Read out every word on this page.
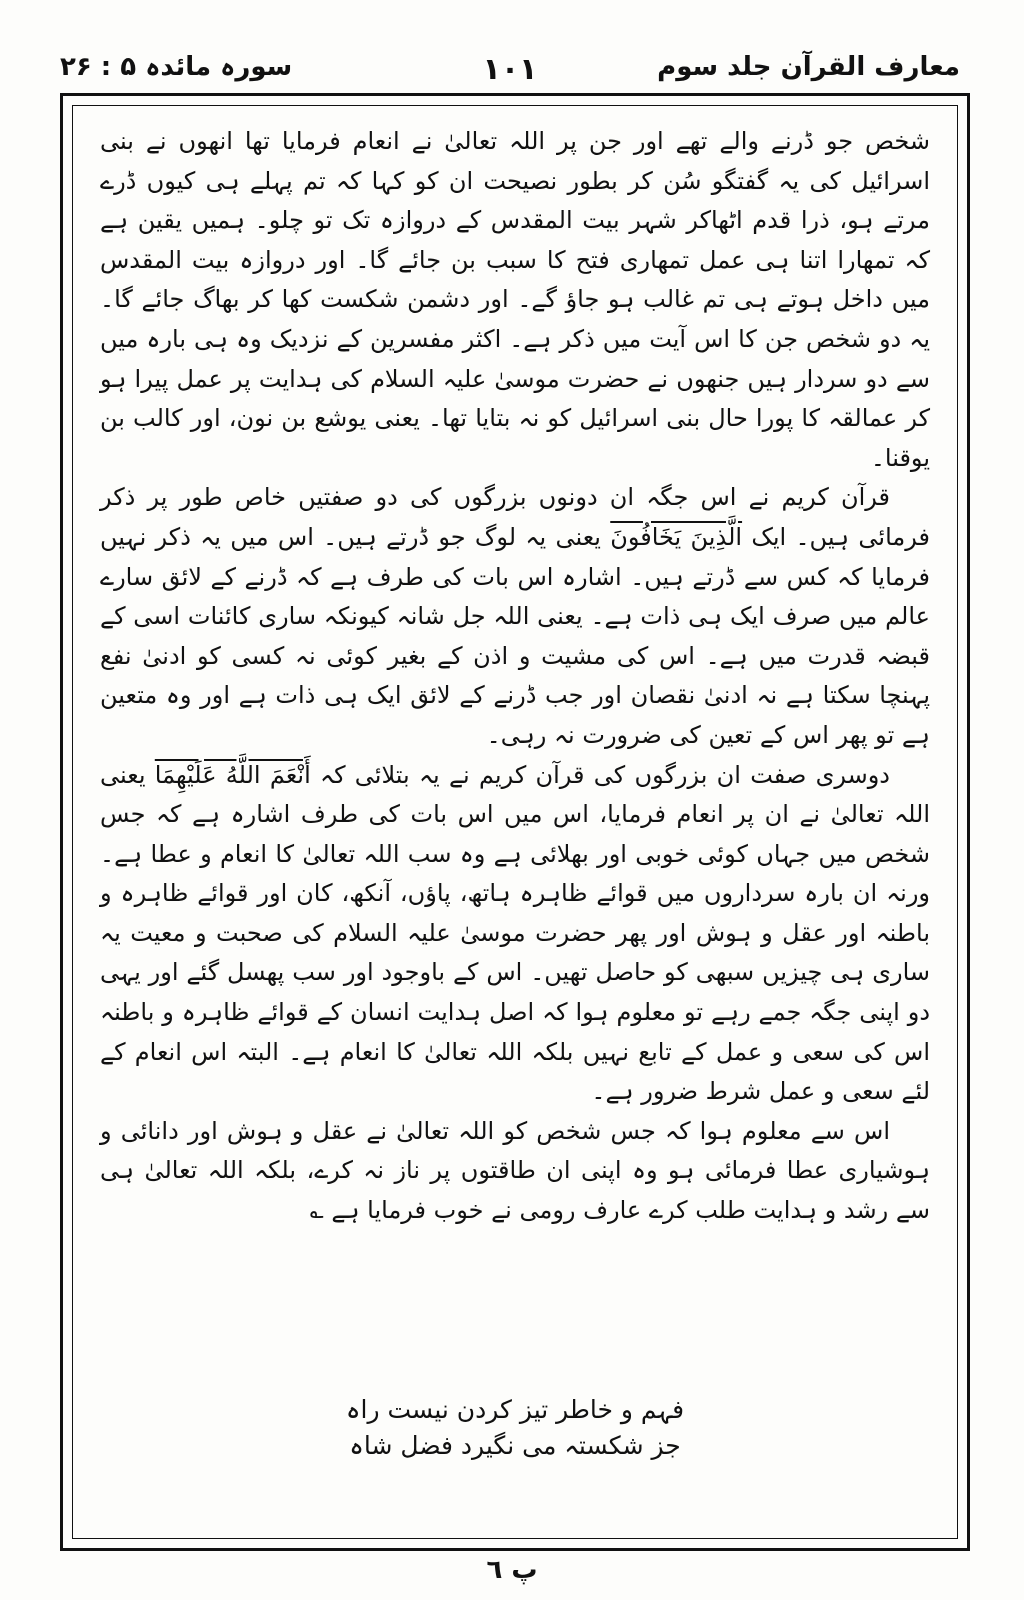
معارف القرآن جلد سوم
١٠١
سورہ مائدہ ۵ : ۲۶

شخص جو ڈرنے والے تھے اور جن پر اللہ تعالیٰ نے انعام فرمایا تھا انھوں نے بنی اسرائیل کی یہ گفتگو سُن کر بطور نصیحت ان کو کہا کہ تم پہلے ہی کیوں ڈرے مرتے ہو، ذرا قدم اٹھاکر شہر بیت المقدس کے دروازہ تک تو چلو۔ ہمیں یقین ہے کہ تمھارا اتنا ہی عمل تمھاری فتح کا سبب بن جائے گا۔ اور دروازہ بیت المقدس میں داخل ہوتے ہی تم غالب ہو جاؤ گے۔ اور دشمن شکست کھا کر بھاگ جائے گا۔ یہ دو شخص جن کا اس آیت میں ذکر ہے۔ اکثر مفسرین کے نزدیک وہ ہی بارہ میں سے دو سردار ہیں جنھوں نے حضرت موسیٰ علیہ السلام کی ہدایت پر عمل پیرا ہو کر عمالقہ کا پورا حال بنی اسرائیل کو نہ بتایا تھا۔ یعنی یوشع بن نون، اور کالب بن یوقنا۔

قرآن کریم نے اس جگہ ان دونوں بزرگوں کی دو صفتیں خاص طور پر ذکر فرمائی ہیں۔ ایک الَّذِينَ يَخَافُونَ یعنی یہ لوگ جو ڈرتے ہیں۔ اس میں یہ ذکر نہیں فرمایا کہ کس سے ڈرتے ہیں۔ اشارہ اس بات کی طرف ہے کہ ڈرنے کے لائق سارے عالم میں صرف ایک ہی ذات ہے۔ یعنی اللہ جل شانہ کیونکہ ساری کائنات اسی کے قبضہ قدرت میں ہے۔ اس کی مشیت و اذن کے بغیر کوئی نہ کسی کو ادنیٰ نفع پہنچا سکتا ہے نہ ادنیٰ نقصان اور جب ڈرنے کے لائق ایک ہی ذات ہے اور وہ متعین ہے تو پھر اس کے تعین کی ضرورت نہ رہی۔

دوسری صفت ان بزرگوں کی قرآن کریم نے یہ بتلائی کہ أَنْعَمَ اللَّهُ عَلَيْهِمَا یعنی اللہ تعالیٰ نے ان پر انعام فرمایا، اس میں اس بات کی طرف اشارہ ہے کہ جس شخص میں جہاں کوئی خوبی اور بھلائی ہے وہ سب اللہ تعالیٰ کا انعام و عطا ہے۔ ورنہ ان بارہ سرداروں میں قوائے ظاہرہ ہاتھ، پاؤں، آنکھ، کان اور قوائے ظاہرہ و باطنہ اور عقل و ہوش اور پھر حضرت موسیٰ علیہ السلام کی صحبت و معیت یہ ساری ہی چیزیں سبھی کو حاصل تھیں۔ اس کے باوجود اور سب پھسل گئے اور یہی دو اپنی جگہ جمے رہے تو معلوم ہوا کہ اصل ہدایت انسان کے قوائے ظاہرہ و باطنہ اس کی سعی و عمل کے تابع نہیں بلکہ اللہ تعالیٰ کا انعام ہے۔ البتہ اس انعام کے لئے سعی و عمل شرط ضرور ہے۔

اس سے معلوم ہوا کہ جس شخص کو اللہ تعالیٰ نے عقل و ہوش اور دانائی و ہوشیاری عطا فرمائی ہو وہ اپنی ان طاقتوں پر ناز نہ کرے، بلکہ اللہ تعالیٰ ہی سے رشد و ہدایت طلب کرے عارف رومی نے خوب فرمایا ہے ؎

فہم و خاطر تیز کردن نیست راہ
جز شکستہ می نگیرد فضل شاہ
پ ٦
